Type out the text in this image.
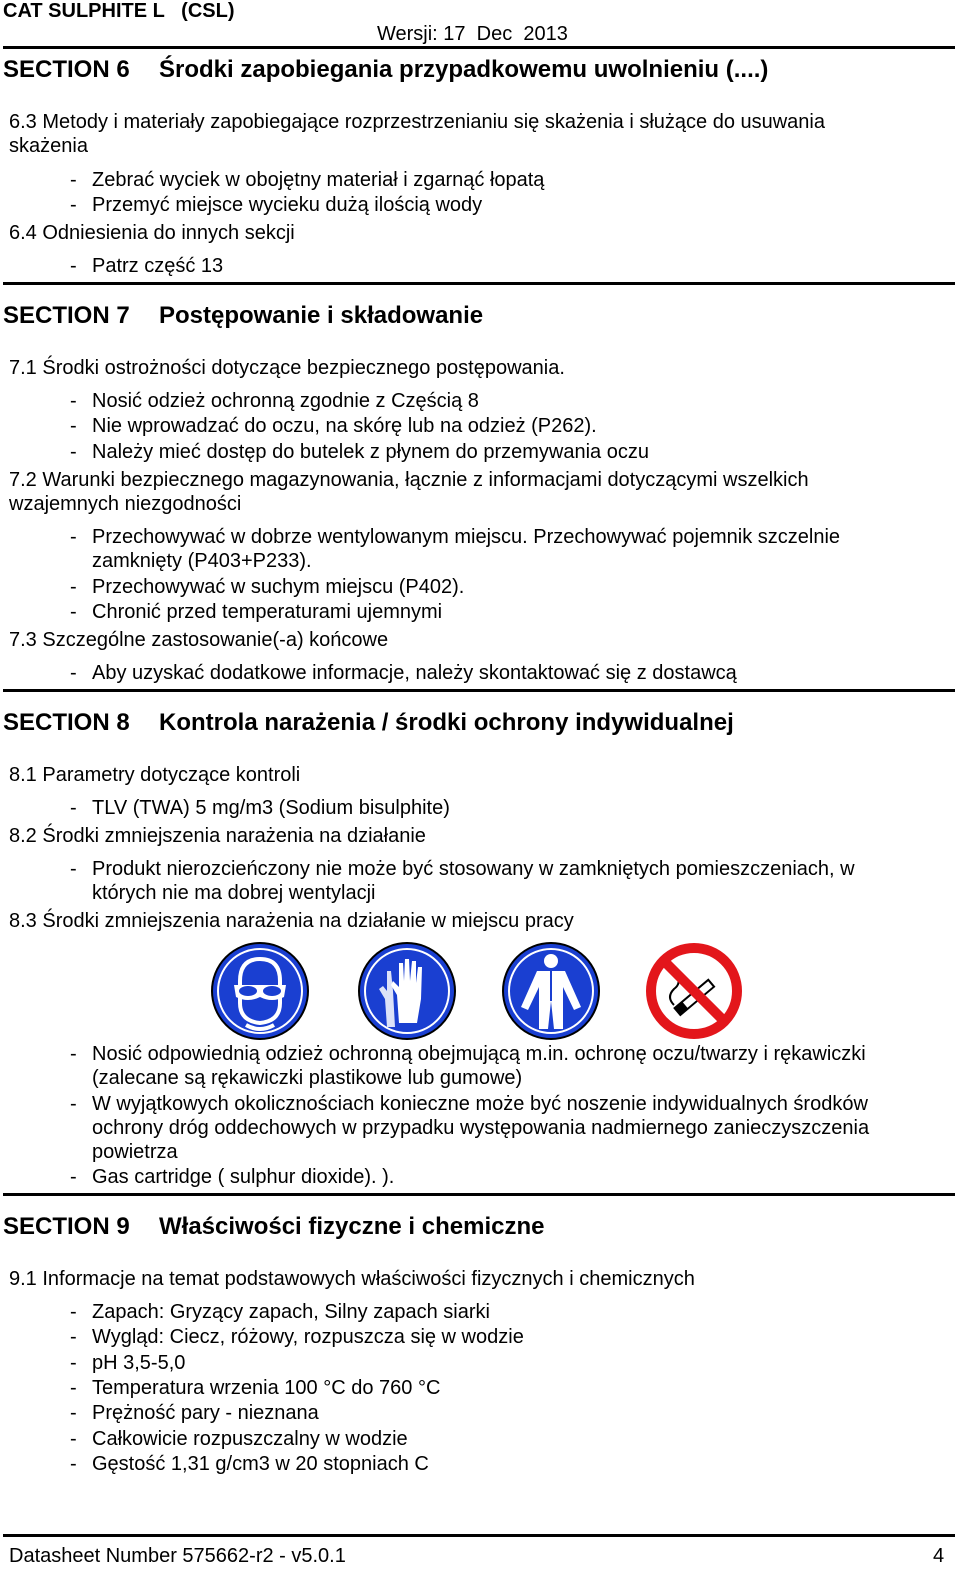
CAT SULPHITE L   (CSL)
Wersji: 17  Dec  2013
SECTION 6 Środki zapobiegania przypadkowemu uwolnieniu (....)
6.3 Metody i materiały zapobiegające rozprzestrzenianiu się skażenia i służące do usuwania skażenia
- Zebrać wyciek w obojętny materiał i zgarnąć łopatą
- Przemyć miejsce wycieku dużą ilością wody
6.4 Odniesienia do innych sekcji
- Patrz część 13
SECTION 7 Postępowanie i składowanie
7.1 Środki ostrożności dotyczące bezpiecznego postępowania.
- Nosić odzież ochronną zgodnie z Częścią 8
- Nie wprowadzać do oczu, na skórę lub na odzież (P262).
- Należy mieć dostęp do butelek z płynem do przemywania oczu
7.2 Warunki bezpiecznego magazynowania, łącznie z informacjami dotyczącymi wszelkich wzajemnych niezgodności
- Przechowywać w dobrze wentylowanym miejscu. Przechowywać pojemnik szczelnie zamknięty (P403+P233).
- Przechowywać w suchym miejscu (P402).
- Chronić przed temperaturami ujemnymi
7.3 Szczególne zastosowanie(-a) końcowe
- Aby uzyskać dodatkowe informacje, należy skontaktować się z dostawcą
SECTION 8 Kontrola narażenia / środki ochrony indywidualnej
8.1 Parametry dotyczące kontroli
- TLV (TWA) 5 mg/m3 (Sodium bisulphite)
8.2 Środki zmniejszenia narażenia na działanie
- Produkt nierozcieńczony nie może być stosowany w zamkniętych pomieszczeniach, w których nie ma dobrej wentylacji
8.3 Środki zmniejszenia narażenia na działanie w miejscu pracy
- Nosić odpowiednią odzież ochronną obejmującą m.in. ochronę oczu/twarzy i rękawiczki (zalecane są rękawiczki plastikowe lub gumowe)
- W wyjątkowych okolicznościach konieczne może być noszenie indywidualnych środków ochrony dróg oddechowych w przypadku występowania nadmiernego zanieczyszczenia powietrza
- Gas cartridge ( sulphur dioxide). ).
SECTION 9 Właściwości fizyczne i chemiczne
9.1 Informacje na temat podstawowych właściwości fizycznych i chemicznych
- Zapach: Gryzący zapach, Silny zapach siarki
- Wygląd: Ciecz, różowy, rozpuszcza się w wodzie
- pH 3,5-5,0
- Temperatura wrzenia 100 °C do 760 °C
- Prężność pary - nieznana
- Całkowicie rozpuszczalny w wodzie
- Gęstość 1,31 g/cm3 w 20 stopniach C
Datasheet Number 575662-r2 - v5.0.1	4
